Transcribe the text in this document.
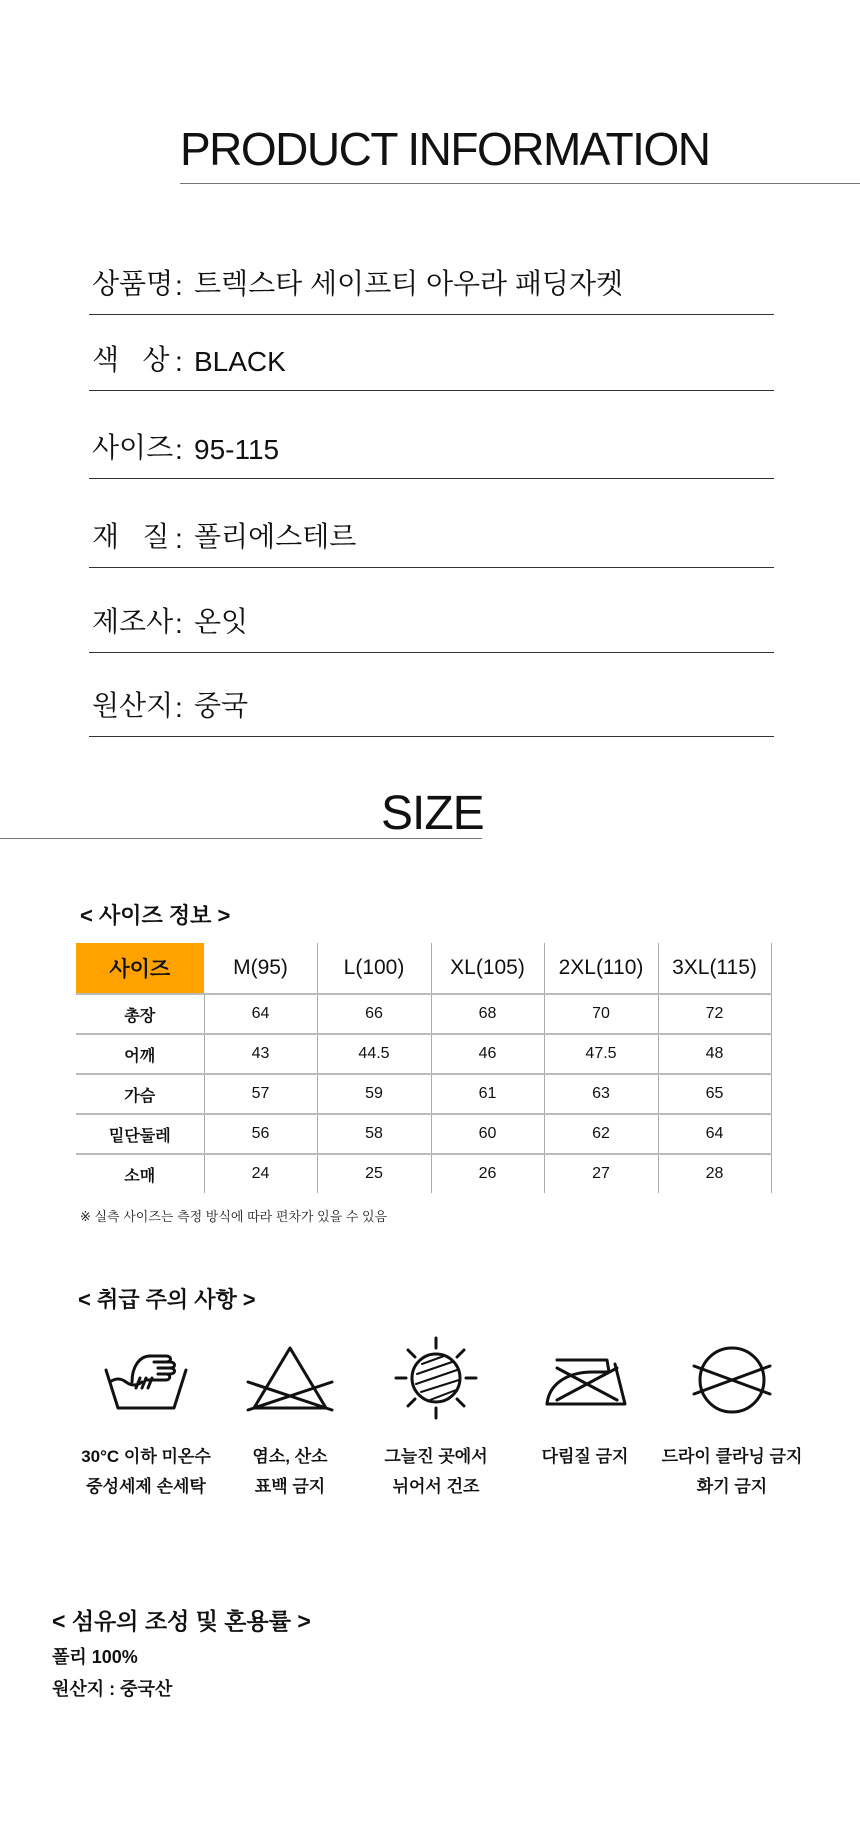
PRODUCT INFORMATION
상품명 : 트렉스타 세이프티 아우라 패딩자켓
색   상 : BLACK
사이즈 : 95-115
재   질 : 폴리에스테르
제조사 : 온잇
원산지 : 중국
SIZE
< 사이즈 정보 >
사이즈	M(95)	L(100)	XL(105)	2XL(110)	3XL(115)
총장	64	66	68	70	72
어깨	43	44.5	46	47.5	48
가슴	57	59	61	63	65
밑단둘레	56	58	60	62	64
소매	24	25	26	27	28
※ 실측 사이즈는 측정 방식에 따라 편차가 있을 수 있음
< 취급 주의 사항 >
30°C 이하 미온수
중성세제 손세탁
염소, 산소
표백 금지
그늘진 곳에서
뉘어서 건조
다림질 금지	드라이 클라닝 금지
화기 금지
< 섬유의 조성 및 혼용률 >
폴리 100%
원산지 : 중국산
